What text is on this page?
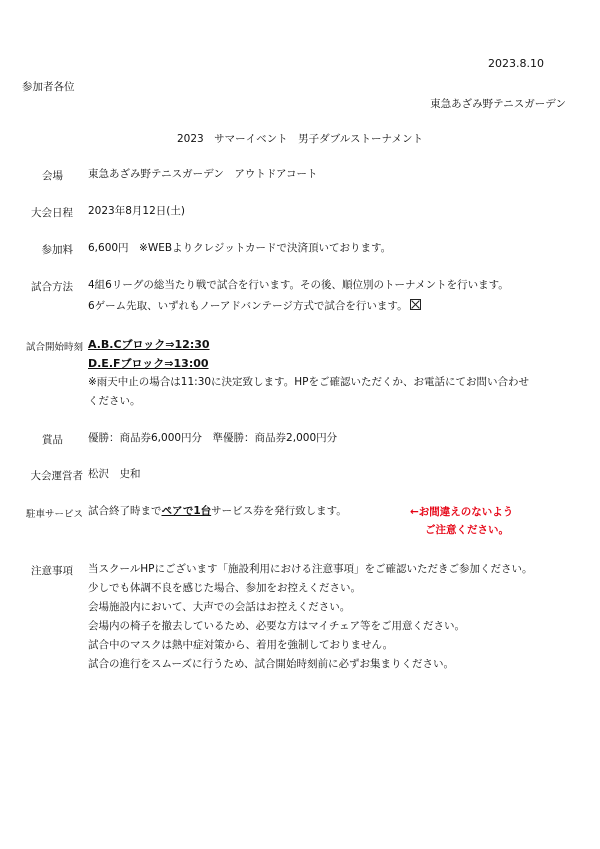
2023.8.10
参加者各位
東急あざみ野テニスガーデン
2023　サマーイベント　男子ダブルストーナメント
会場 東急あざみ野テニスガーデン　アウトドアコート
大会日程 2023年8月12日(土)
参加料 6,600円　※WEBよりクレジットカードで決済頂いております。
試合方法 4組6リーグの総当たり戦で試合を行います。その後、順位別のトーナメントを行います。
6ゲーム先取、いずれもノーアドバンテージ方式で試合を行います。
試合開始時刻 A.B.Cブロック⇒12:30
D.E.Fブロック⇒13:00
※雨天中止の場合は11:30に決定致します。HPをご確認いただくか、お電話にてお問い合わせ
ください。
賞品 優勝：商品券6,000円分　準優勝：商品券2,000円分
大会運営者 松沢　史和
駐車サービス 試合終了時までペアで1台サービス券を発行致します。	←お間違えのないよう
ご注意ください。
注意事項 当スクールHPにございます「施設利用における注意事項」をご確認いただきご参加ください。
少しでも体調不良を感じた場合、参加をお控えください。
会場施設内において、大声での会話はお控えください。
会場内の椅子を撤去しているため、必要な方はマイチェア等をご用意ください。
試合中のマスクは熱中症対策から、着用を強制しておりません。
試合の進行をスムーズに行うため、試合開始時刻前に必ずお集まりください。
